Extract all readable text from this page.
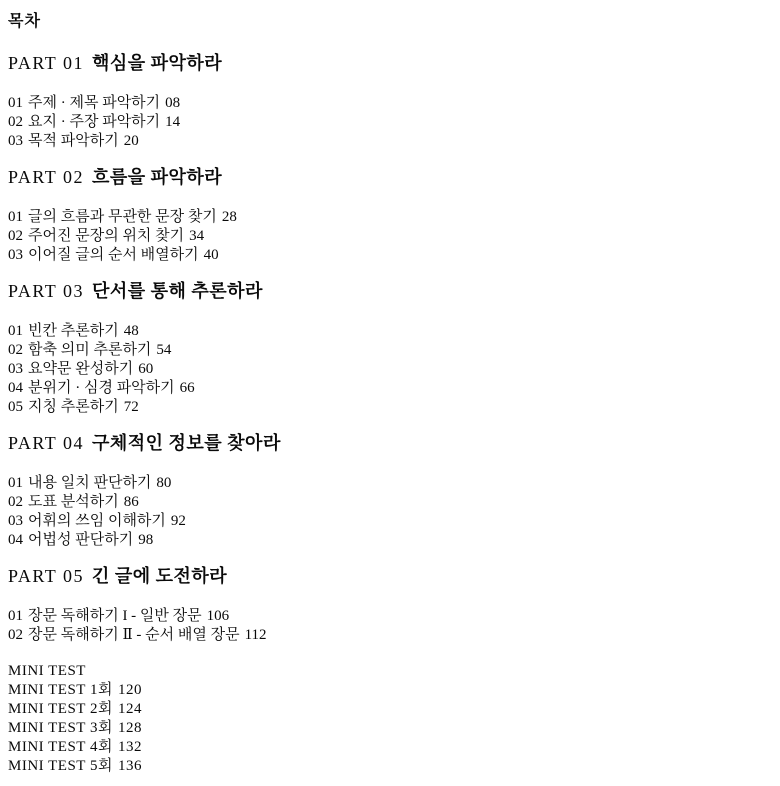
목차
PART 01 핵심을 파악하라

01 주제 · 제목 파악하기 08

02 요지 · 주장 파악하기 14

03 목적 파악하기 20

PART 02 흐름을 파악하라

01 글의 흐름과 무관한 문장 찾기 28

02 주어진 문장의 위치 찾기 34

03 이어질 글의 순서 배열하기 40

PART 03 단서를 통해 추론하라

01 빈칸 추론하기 48

02 함축 의미 추론하기 54

03 요약문 완성하기 60

04 분위기 · 심경 파악하기 66

05 지칭 추론하기 72

PART 04 구체적인 정보를 찾아라

01 내용 일치 판단하기 80

02 도표 분석하기 86

03 어휘의 쓰임 이해하기 92

04 어법성 판단하기 98

PART 05 긴 글에 도전하라

01 장문 독해하기 I - 일반 장문 106

02 장문 독해하기 Ⅱ - 순서 배열 장문 112

MINI TEST

MINI TEST 1회 120

MINI TEST 2회 124

MINI TEST 3회 128

MINI TEST 4회 132

MINI TEST 5회 136
